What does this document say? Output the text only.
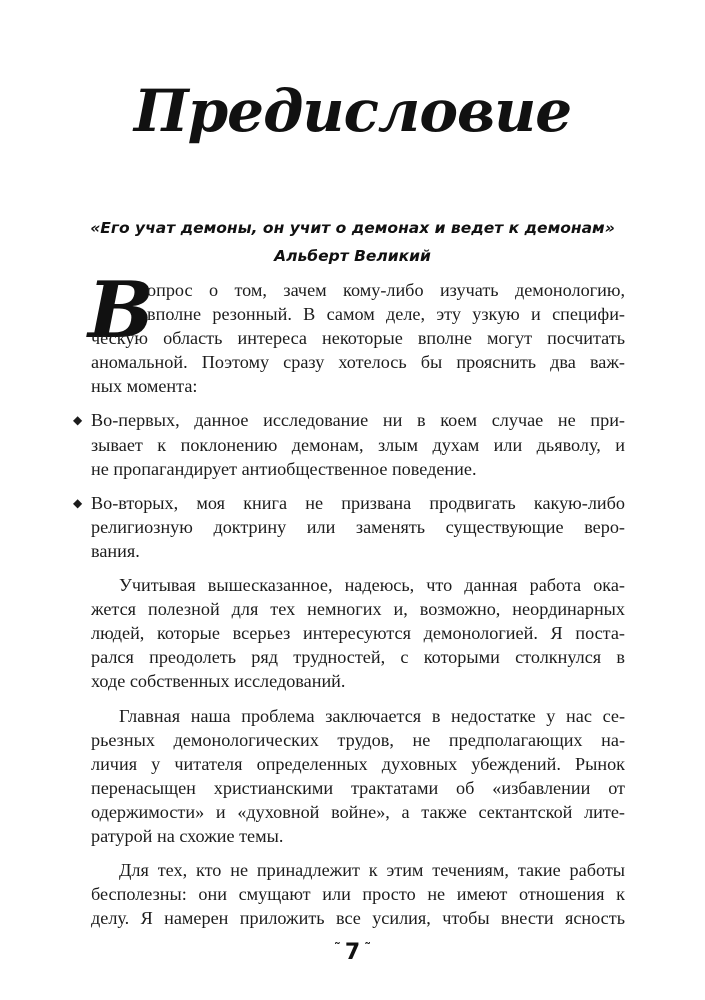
Предисловие
«Его учат демоны, он учит о демонах и ведет к демонам»
Альберт Великий
В
опрос о том, зачем кому-либо изучать демонологию,
вполне резонный. В самом деле, эту узкую и специфи-
ческую область интереса некоторые вполне могут посчитать
аномальной. Поэтому сразу хотелось бы прояснить два важ-
ных момента:
◆ Во-первых, данное исследование ни в коем случае не при-
зывает к поклонению демонам, злым духам или дьяволу, и
не пропагандирует антиобщественное поведение.
◆ Во-вторых, моя книга не призвана продвигать какую-либо
религиозную доктрину или заменять существующие веро-
вания.
Учитывая вышесказанное, надеюсь, что данная работа ока-
жется полезной для тех немногих и, возможно, неординарных
людей, которые всерьез интересуются демонологией. Я поста-
рался преодолеть ряд трудностей, с которыми столкнулся в
ходе собственных исследований.
Главная наша проблема заключается в недостатке у нас се-
рьезных демонологических трудов, не предполагающих на-
личия у читателя определенных духовных убеждений. Рынок
перенасыщен христианскими трактатами об «избавлении от
одержимости» и «духовной войне», а также сектантской лите-
ратурой на схожие темы.
Для тех, кто не принадлежит к этим течениям, такие работы
бесполезны: они смущают или просто не имеют отношения к
делу. Я намерен приложить все усилия, чтобы внести ясность
˜ 7 ˜
